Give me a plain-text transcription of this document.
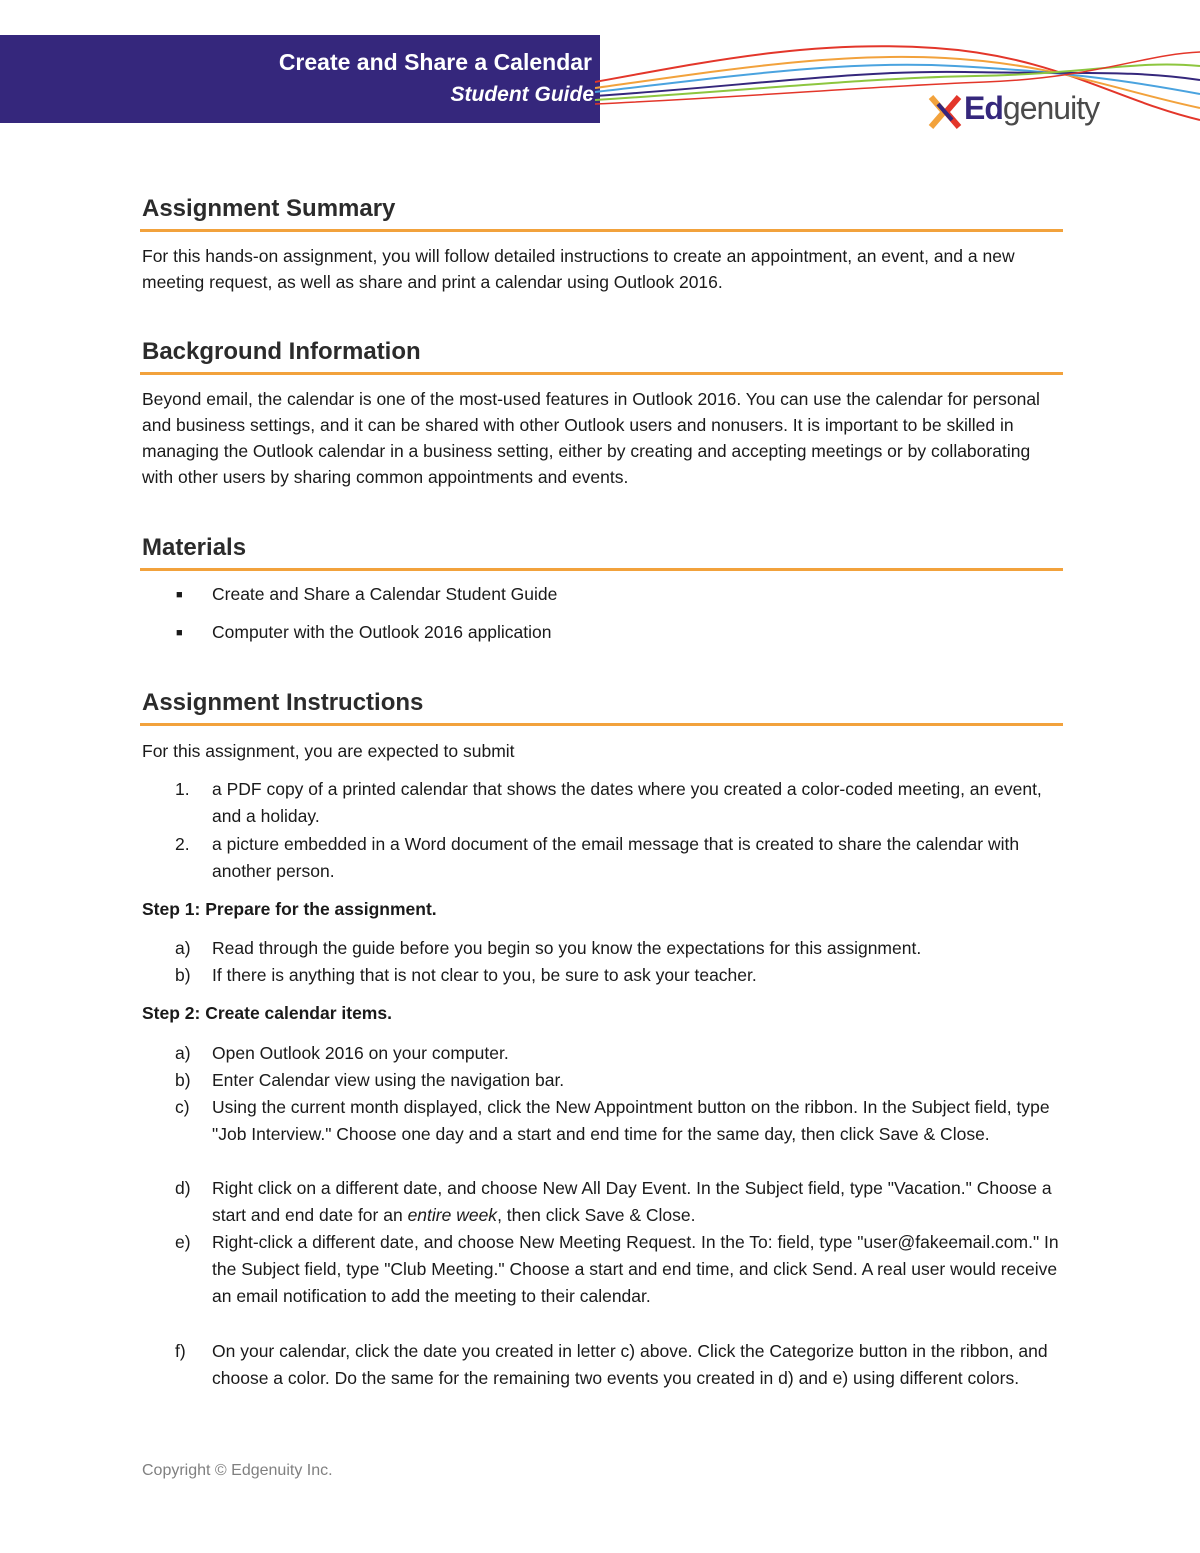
Create and Share a Calendar
Student Guide	Edgenuity
Assignment Summary
For this hands-on assignment, you will follow detailed instructions to create an appointment, an event, and a new meeting request, as well as share and print a calendar using Outlook 2016.
Background Information
Beyond email, the calendar is one of the most-used features in Outlook 2016. You can use the calendar for personal and business settings, and it can be shared with other Outlook users and nonusers. It is important to be skilled in managing the Outlook calendar in a business setting, either by creating and accepting meetings or by collaborating with other users by sharing common appointments and events.
Materials
■ Create and Share a Calendar Student Guide
■ Computer with the Outlook 2016 application
Assignment Instructions
For this assignment, you are expected to submit
1. a PDF copy of a printed calendar that shows the dates where you created a color-coded meeting, an event, and a holiday.
2. a picture embedded in a Word document of the email message that is created to share the calendar with another person.
Step 1: Prepare for the assignment.
a) Read through the guide before you begin so you know the expectations for this assignment.
b) If there is anything that is not clear to you, be sure to ask your teacher.
Step 2: Create calendar items.
a) Open Outlook 2016 on your computer.
b) Enter Calendar view using the navigation bar.
c) Using the current month displayed, click the New Appointment button on the ribbon. In the Subject field, type "Job Interview." Choose one day and a start and end time for the same day, then click Save & Close.
d) Right click on a different date, and choose New All Day Event. In the Subject field, type "Vacation." Choose a start and end date for an entire week, then click Save & Close.
e) Right-click a different date, and choose New Meeting Request. In the To: field, type "user@fakeemail.com." In the Subject field, type "Club Meeting." Choose a start and end time, and click Send. A real user would receive an email notification to add the meeting to their calendar.
f) On your calendar, click the date you created in letter c) above. Click the Categorize button in the ribbon, and choose a color. Do the same for the remaining two events you created in d) and e) using different colors.
Copyright © Edgenuity Inc.
